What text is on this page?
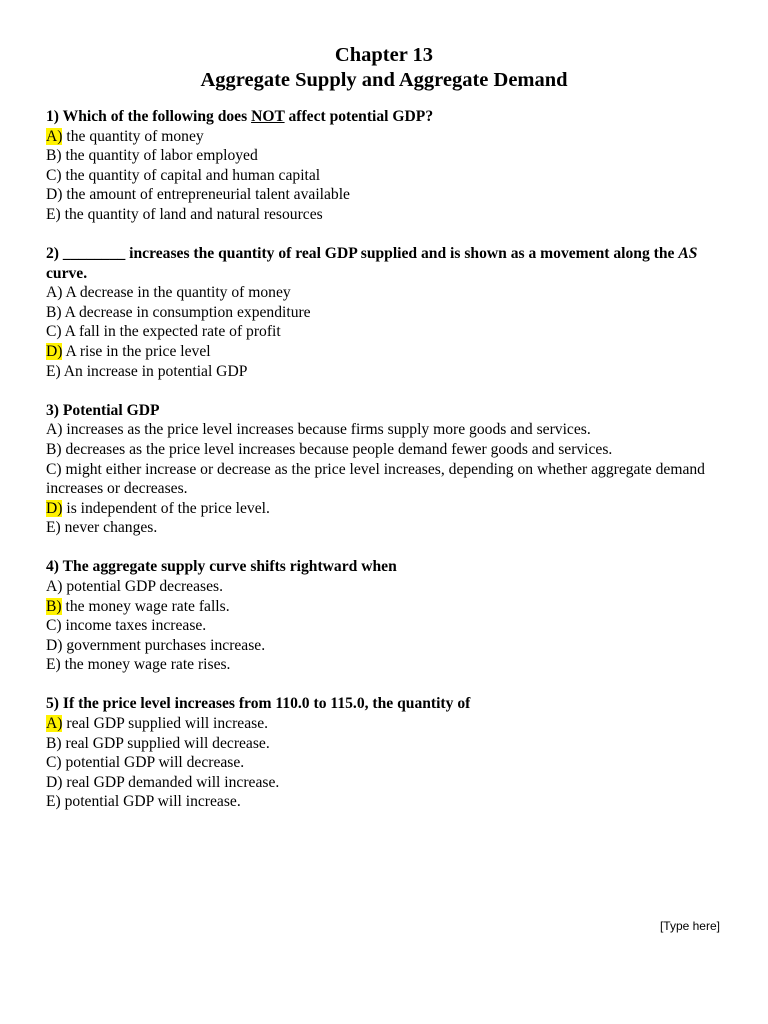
Chapter 13
Aggregate Supply and Aggregate Demand
1) Which of the following does NOT affect potential GDP?
A) the quantity of money
B) the quantity of labor employed
C) the quantity of capital and human capital
D) the amount of entrepreneurial talent available
E) the quantity of land and natural resources
2) ________ increases the quantity of real GDP supplied and is shown as a movement along the AS curve.
A) A decrease in the quantity of money
B) A decrease in consumption expenditure
C) A fall in the expected rate of profit
D) A rise in the price level
E) An increase in potential GDP
3) Potential GDP
A) increases as the price level increases because firms supply more goods and services.
B) decreases as the price level increases because people demand fewer goods and services.
C) might either increase or decrease as the price level increases, depending on whether aggregate demand increases or decreases.
D) is independent of the price level.
E) never changes.
4) The aggregate supply curve shifts rightward when
A) potential GDP decreases.
B) the money wage rate falls.
C) income taxes increase.
D) government purchases increase.
E) the money wage rate rises.
5) If the price level increases from 110.0 to 115.0, the quantity of
A) real GDP supplied will increase.
B) real GDP supplied will decrease.
C) potential GDP will decrease.
D) real GDP demanded will increase.
E) potential GDP will increase.
[Type here]
